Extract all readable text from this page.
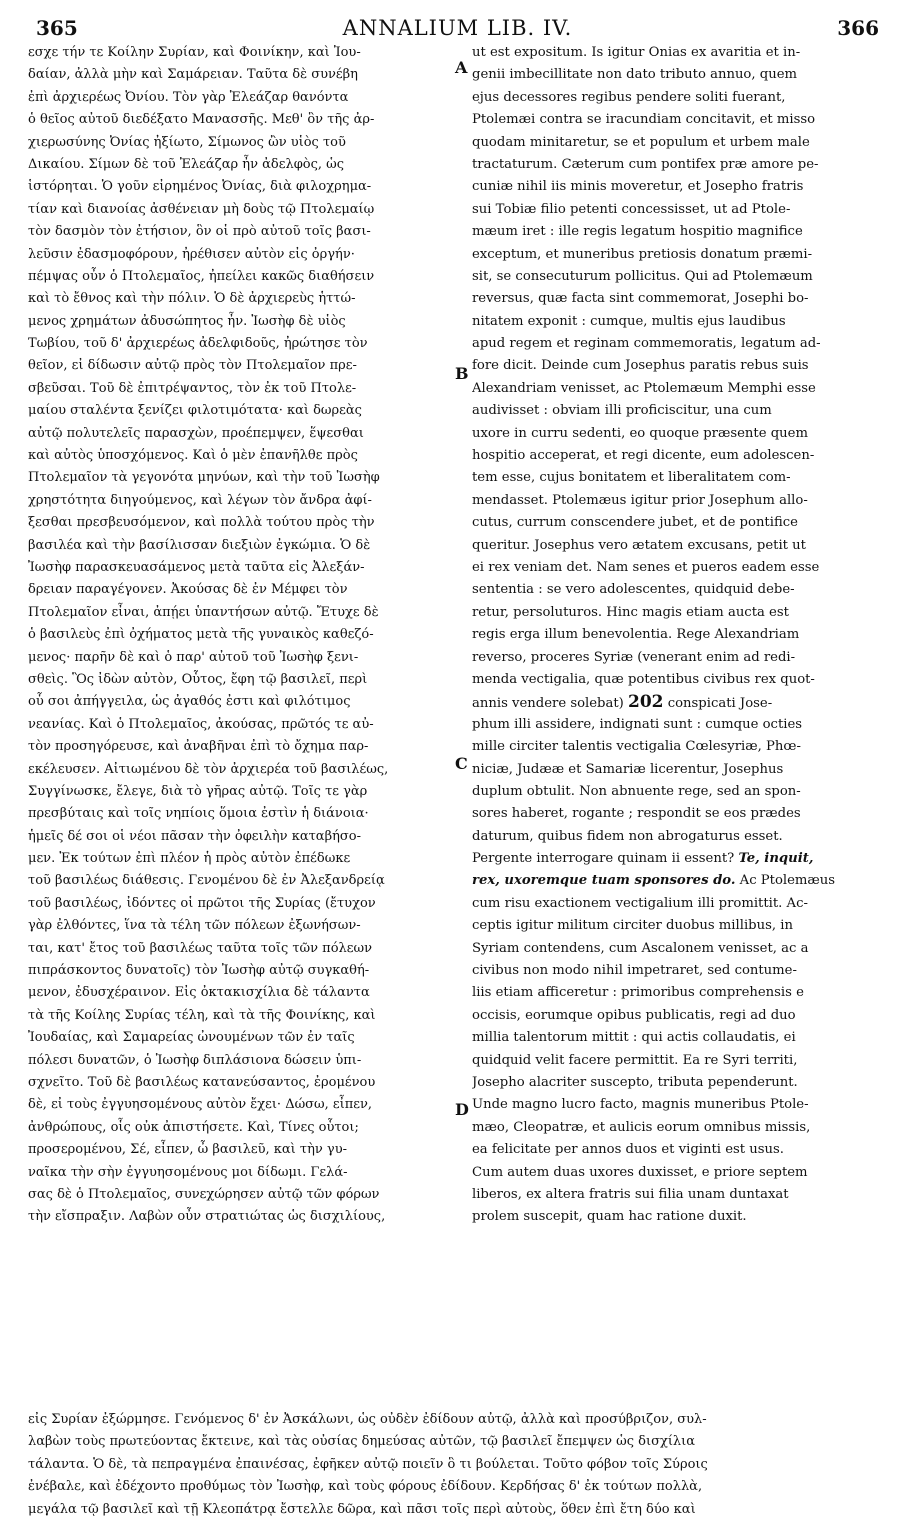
365	ANNALIUM LIB. IV.	366
εσχε τήν τε Κοίλην Συρίαν, καὶ Φοινίκην, καὶ Ἰου-
δαίαν, ἀλλὰ μὴν καὶ Σαμάρειαν. Ταῦτα δὲ συνέβη
ἐπὶ ἀρχιερέως Ὀνίου. Τὸν γὰρ Ἐλεάζαρ θανόντα
ὁ θεῖος αὐτοῦ διεδέξατο Μανασσῆς. Μεθ' ὃν τῆς ἀρ-
χιερωσύνης Ὀνίας ἠξίωτο, Σίμωνος ὢν υἱὸς τοῦ
Δικαίου. Σίμων δὲ τοῦ Ἐλεάζαρ ἦν ἀδελφὸς, ὡς
ἱστόρηται. Ὁ γοῦν εἰρημένος Ὀνίας, διὰ φιλοχρημα-
τίαν καὶ διανοίας ἀσθένειαν μὴ δοὺς τῷ Πτολεμαίῳ
τὸν δασμὸν τὸν ἐτήσιον, ὃν οἱ πρὸ αὐτοῦ τοῖς βασι-
λεῦσιν ἐδασμοφόρουν, ἠρέθισεν αὐτὸν εἰς ὀργήν·
πέμψας οὖν ὁ Πτολεμαῖος, ἠπείλει κακῶς διαθήσειν
καὶ τὸ ἔθνος καὶ τὴν πόλιν. Ὁ δὲ ἀρχιερεὺς ἡττώ-
μενος χρημάτων ἀδυσώπητος ἦν. Ἰωσὴφ δὲ υἱὸς
Τωβίου, τοῦ δ' ἀρχιερέως ἀδελφιδοῦς, ἠρώτησε τὸν
θεῖον, εἰ δίδωσιν αὐτῷ πρὸς τὸν Πτολεμαῖον πρε-
σβεῦσαι. Τοῦ δὲ ἐπιτρέψαντος, τὸν ἐκ τοῦ Πτολε-
μαίου σταλέντα ξενίζει φιλοτιμότατα· καὶ δωρεὰς
αὐτῷ πολυτελεῖς παρασχὼν, προέπεμψεν, ἕψεσθαι
καὶ αὐτὸς ὑποσχόμενος. Καὶ ὁ μὲν ἐπανῆλθε πρὸς
Πτολεμαῖον τὰ γεγονότα μηνύων, καὶ τὴν τοῦ Ἰωσὴφ
χρηστότητα διηγούμενος, καὶ λέγων τὸν ἄνδρα ἀφί-
ξεσθαι πρεσβευσόμενον, καὶ πολλὰ τούτου πρὸς τὴν
βασιλέα καὶ τὴν βασίλισσαν διεξιὼν ἐγκώμια. Ὁ δὲ
Ἰωσὴφ παρασκευασάμενος μετὰ ταῦτα εἰς Ἀλεξάν-
δρειαν παραγέγονεν. Ἀκούσας δὲ ἐν Μέμφει τὸν
Πτολεμαῖον εἶναι, ἀπῄει ὑπαντήσων αὐτῷ. Ἔτυχε δὲ
ὁ βασιλεὺς ἐπὶ ὀχήματος μετὰ τῆς γυναικὸς καθεζό-
μενος· παρῆν δὲ καὶ ὁ παρ' αὐτοῦ τοῦ Ἰωσὴφ ξενι-
σθεὶς. Ὃς ἰδὼν αὐτὸν, Οὗτος, ἔφη τῷ βασιλεῖ, περὶ
οὗ σοι ἀπήγγειλα, ὡς ἀγαθός ἐστι καὶ φιλότιμος
νεανίας. Καὶ ὁ Πτολεμαῖος, ἀκούσας, πρῶτός τε αὐ-
τὸν προσηγόρευσε, καὶ ἀναβῆναι ἐπὶ τὸ ὄχημα παρ-
εκέλευσεν. Αἰτιωμένου δὲ τὸν ἀρχιερέα τοῦ βασιλέως,
Συγγίνωσκε, ἔλεγε, διὰ τὸ γῆρας αὐτῷ. Τοῖς τε γὰρ
πρεσβύταις καὶ τοῖς νηπίοις ὅμοια ἐστὶν ἡ διάνοια·
ἡμεῖς δέ σοι οἱ νέοι πᾶσαν τὴν ὀφειλὴν καταβήσο-
μεν. Ἐκ τούτων ἐπὶ πλέον ἡ πρὸς αὐτὸν ἐπέδωκε
τοῦ βασιλέως διάθεσις. Γενομένου δὲ ἐν Ἀλεξανδρείᾳ
τοῦ βασιλέως, ἰδόντες οἱ πρῶτοι τῆς Συρίας (ἔτυχον
γὰρ ἐλθόντες, ἵνα τὰ τέλη τῶν πόλεων ἐξωνήσων-
ται, κατ' ἔτος τοῦ βασιλέως ταῦτα τοῖς τῶν πόλεων
πιπράσκοντος δυνατοῖς) τὸν Ἰωσὴφ αὐτῷ συγκαθή-
μενον, ἐδυσχέραινον. Εἰς ὀκτακισχίλια δὲ τάλαντα
τὰ τῆς Κοίλης Συρίας τέλη, καὶ τὰ τῆς Φοινίκης, καὶ
Ἰουδαίας, καὶ Σαμαρείας ὠνουμένων τῶν ἐν ταῖς
πόλεσι δυνατῶν, ὁ Ἰωσὴφ διπλάσιονα δώσειν ὑπι-
σχνεῖτο. Τοῦ δὲ βασιλέως κατανεύσαντος, ἐρομένου
δὲ, εἰ τοὺς ἐγγυησομένους αὐτὸν ἔχει· Δώσω, εἶπεν,
ἀνθρώπους, οἷς οὐκ ἀπιστήσετε. Καὶ, Τίνες οὗτοι;
προσερομένου, Σέ, εἶπεν, ὦ βασιλεῦ, καὶ τὴν γυ-
ναῖκα τὴν σὴν ἐγγυησομένους μοι δίδωμι. Γελά-
σας δὲ ὁ Πτολεμαῖος, συνεχώρησεν αὐτῷ τῶν φόρων
τὴν εἴσπραξιν. Λαβὼν οὖν στρατιώτας ὡς δισχιλίους,
ut est expositum. Is igitur Onias ex avaritia et in-
genii imbecillitate non dato tributo annuo, quem
ejus decessores regibus pendere soliti fuerant,
Ptolemæi contra se iracundiam concitavit, et misso
quodam minitaretur, se et populum et urbem male
tractaturum. Cæterum cum pontifex præ amore pe-
cuniæ nihil iis minis moveretur, et Josepho fratris
sui Tobiæ filio petenti concessisset, ut ad Ptole-
mæum iret : ille regis legatum hospitio magnifice
exceptum, et muneribus pretiosis donatum præmi-
sit, se consecuturum pollicitus. Qui ad Ptolemæum
reversus, quæ facta sint commemorat, Josephi bo-
nitatem exponit : cumque, multis ejus laudibus
apud regem et reginam commemoratis, legatum ad-
fore dicit. Deinde cum Josephus paratis rebus suis
Alexandriam venisset, ac Ptolemæum Memphi esse
audivisset : obviam illi proficiscitur, una cum
uxore in curru sedenti, eo quoque præsente quem
hospitio acceperat, et regi dicente, eum adolescen-
tem esse, cujus bonitatem et liberalitatem com-
mendasset. Ptolemæus igitur prior Josephum allo-
cutus, currum conscendere jubet, et de pontifice
queritur. Josephus vero ætatem excusans, petit ut
ei rex veniam det. Nam senes et pueros eadem esse
sententia : se vero adolescentes, quidquid debe-
retur, persoluturos. Hinc magis etiam aucta est
regis erga illum benevolentia. Rege Alexandriam
reverso, proceres Syriæ (venerant enim ad redi-
menda vectigalia, quæ potentibus civibus rex quot-
annis vendere solebat) 202 conspicati Jose-
phum illi assidere, indignati sunt : cumque octies
mille circiter talentis vectigalia Cœlesyriæ, Phœ-
niciæ, Judææ et Samariæ licerentur, Josephus
duplum obtulit. Non abnuente rege, sed an spon-
sores haberet, rogante ; respondit se eos prædes
daturum, quibus fidem non abrogaturus esset.
Pergente interrogare quinam ii essent? Te, inquit,
rex, uxoremque tuam sponsores do. Ac Ptolemæus
cum risu exactionem vectigalium illi promittit. Ac-
ceptis igitur militum circiter duobus millibus, in
Syriam contendens, cum Ascalonem venisset, ac a
civibus non modo nihil impetraret, sed contume-
liis etiam afficeretur : primoribus comprehensis e
occisis, eorumque opibus publicatis, regi ad duo
millia talentorum mittit : qui actis collaudatis, ei
quidquid velit facere permittit. Ea re Syri territi,
Josepho alacriter suscepto, tributa pependerunt.
Unde magno lucro facto, magnis muneribus Ptole-
mæo, Cleopatræ, et aulicis eorum omnibus missis,
ea felicitate per annos duos et viginti est usus.
Cum autem duas uxores duxisset, e priore septem
liberos, ex altera fratris sui filia unam duntaxat
prolem suscepit, quam hac ratione duxit.
A
B
C
D
εἰς Συρίαν ἐξώρμησε. Γενόμενος δ' ἐν Ἀσκάλωνι, ὡς οὐδὲν ἐδίδουν αὐτῷ, ἀλλὰ καὶ προσύβριζον, συλ-
λαβὼν τοὺς πρωτεύοντας ἔκτεινε, καὶ τὰς οὐσίας δημεύσας αὐτῶν, τῷ βασιλεῖ ἔπεμψεν ὡς δισχίλια
τάλαντα. Ὁ δὲ, τὰ πεπραγμένα ἐπαινέσας, ἐφῆκεν αὐτῷ ποιεῖν ὃ τι βούλεται. Τοῦτο φόβον τοῖς Σύροις
ἐνέβαλε, καὶ ἐδέχοντο προθύμως τὸν Ἰωσὴφ, καὶ τοὺς φόρους ἐδίδουν. Κερδήσας δ' ἐκ τούτων πολλὰ,
μεγάλα τῷ βασιλεῖ καὶ τῇ Κλεοπάτρᾳ ἔστελλε δῶρα, καὶ πᾶσι τοῖς περὶ αὐτοὺς, ὅθεν ἐπὶ ἔτη δύο καὶ
